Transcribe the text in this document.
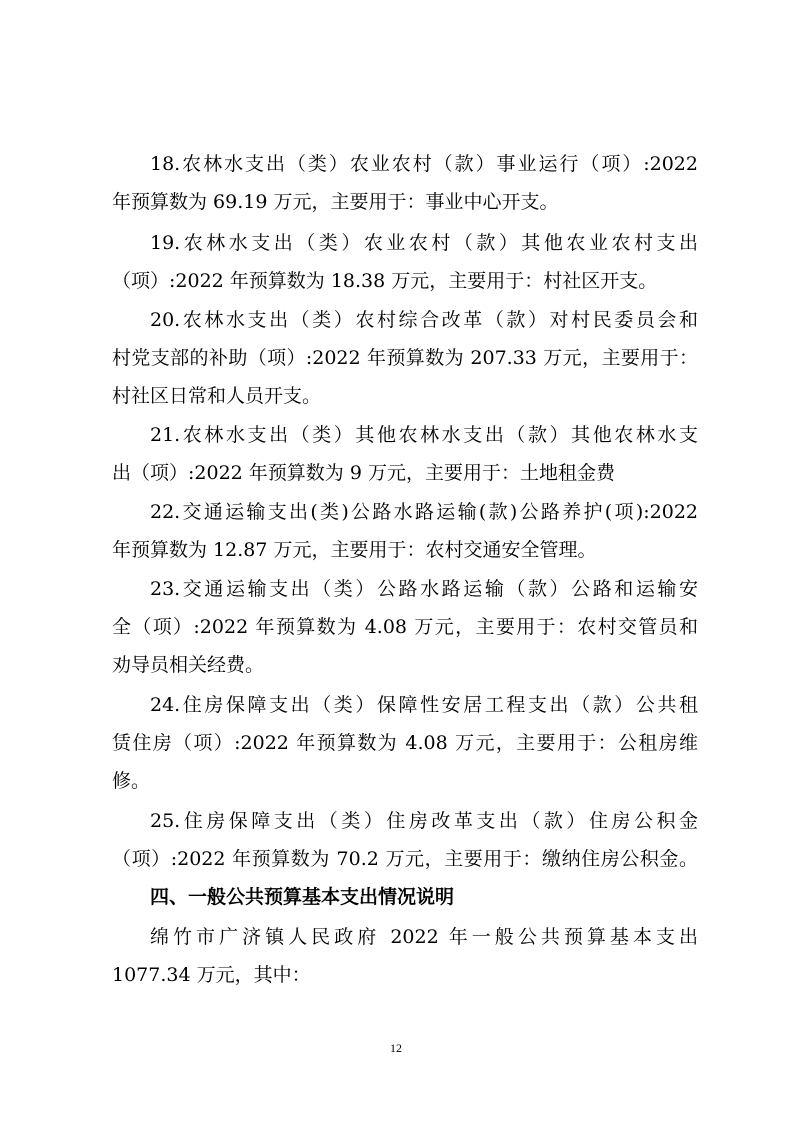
18.农林水支出（类）农业农村（款）事业运行（项）:2022
年预算数为 69.19 万元，主要用于：事业中心开支。
19.农林水支出（类）农业农村（款）其他农业农村支出
（项）:2022 年预算数为 18.38 万元，主要用于：村社区开支。
20.农林水支出（类）农村综合改革（款）对村民委员会和
村党支部的补助（项）:2022 年预算数为 207.33 万元，主要用于：
村社区日常和人员开支。
21.农林水支出（类）其他农林水支出（款）其他农林水支
出（项）:2022 年预算数为 9 万元，主要用于：土地租金费
22.交通运输支出(类)公路水路运输(款)公路养护(项):2022
年预算数为 12.87 万元，主要用于：农村交通安全管理。
23.交通运输支出（类）公路水路运输（款）公路和运输安
全（项）:2022 年预算数为 4.08 万元，主要用于：农村交管员和
劝导员相关经费。
24.住房保障支出（类）保障性安居工程支出（款）公共租
赁住房（项）:2022 年预算数为 4.08 万元，主要用于：公租房维
修。
25.住房保障支出（类）住房改革支出（款）住房公积金
（项）:2022 年预算数为 70.2 万元，主要用于：缴纳住房公积金。
四、一般公共预算基本支出情况说明
绵竹市广济镇人民政府 2022 年一般公共预算基本支出
1077.34 万元，其中：
12
